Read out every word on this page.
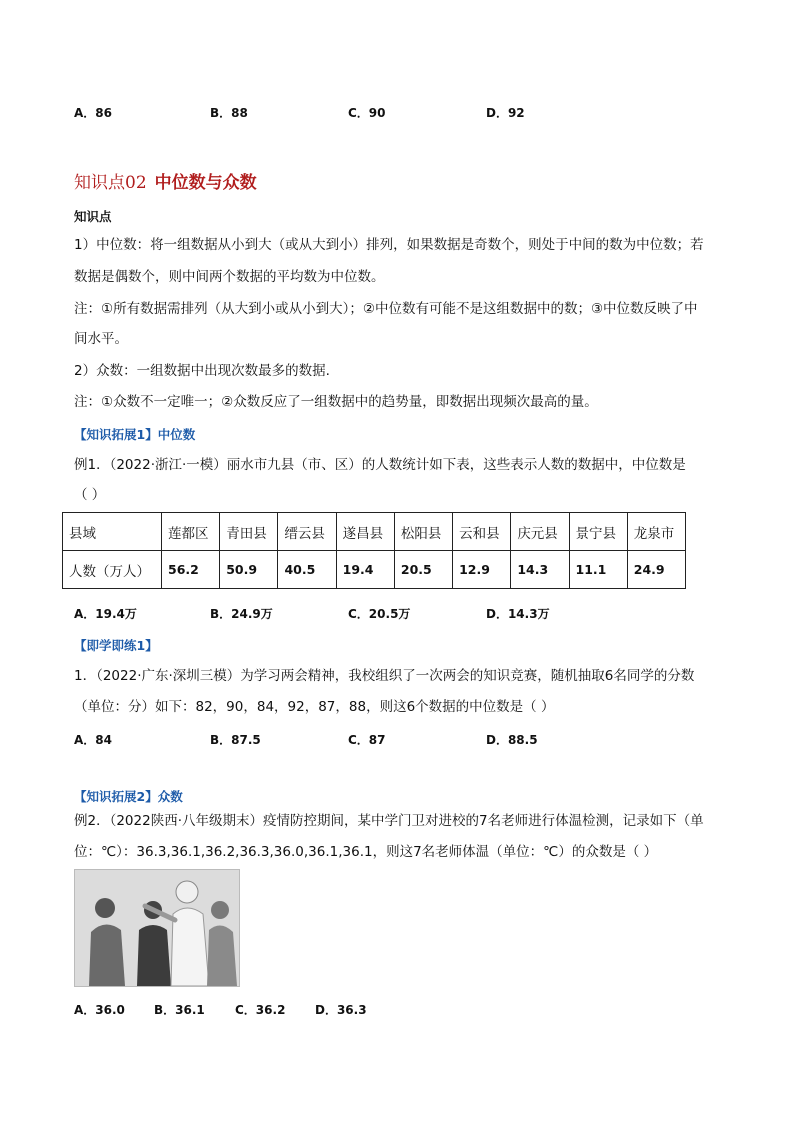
A．86	B．88	C．90	D．92
知识点02 中位数与众数
知识点
1）中位数：将一组数据从小到大（或从大到小）排列，如果数据是奇数个，则处于中间的数为中位数；若
数据是偶数个，则中间两个数据的平均数为中位数。
注：①所有数据需排列（从大到小或从小到大）；②中位数有可能不是这组数据中的数；③中位数反映了中
间水平。
2）众数：一组数据中出现次数最多的数据.
注：①众数不一定唯一；②众数反应了一组数据中的趋势量，即数据出现频次最高的量。
【知识拓展1】中位数
例1．（2022·浙江·一模）丽水市九县（市、区）的人数统计如下表，这些表示人数的数据中，中位数是
（ ）
县域	莲都区	青田县	缙云县	遂昌县	松阳县	云和县	庆元县	景宁县	龙泉市
人数（万人）	56.2	50.9	40.5	19.4	20.5	12.9	14.3	11.1	24.9
A．19.4万	B．24.9万	C．20.5万	D．14.3万
【即学即练1】
1．（2022·广东·深圳三模）为学习两会精神，我校组织了一次两会的知识竞赛，随机抽取6名同学的分数
（单位：分）如下：82，90，84，92，87，88，则这6个数据的中位数是（ ）
A．84	B．87.5	C．87	D．88.5
【知识拓展2】众数
例2．（2022陕西·八年级期末）疫情防控期间，某中学门卫对进校的7名老师进行体温检测，记录如下（单
位：℃）：36.3,36.1,36.2,36.3,36.0,36.1,36.1，则这7名老师体温（单位：℃）的众数是（ ）
A．36.0 B．36.1	C．36.2 D．36.3
